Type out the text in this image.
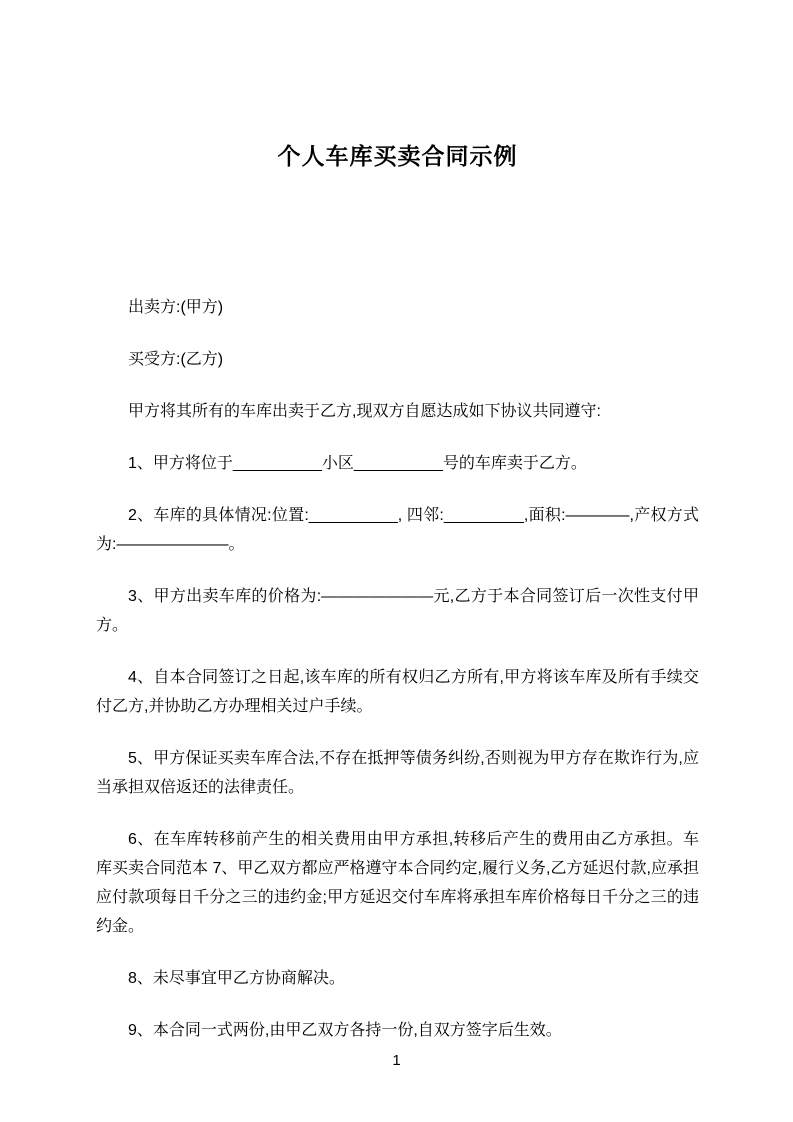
个人车库买卖合同示例

出卖方:(甲方)

买受方:(乙方)

甲方将其所有的车库出卖于乙方,现双方自愿达成如下协议共同遵守:

1、甲方将位于__________小区__________号的车库卖于乙方。

2、车库的具体情况:位置:__________, 四邻:_________,面积:————,产权方式为:———————。

3、甲方出卖车库的价格为:———————元,乙方于本合同签订后一次性支付甲方。

4、自本合同签订之日起,该车库的所有权归乙方所有,甲方将该车库及所有手续交付乙方,并协助乙方办理相关过户手续。

5、甲方保证买卖车库合法,不存在抵押等债务纠纷,否则视为甲方存在欺诈行为,应当承担双倍返还的法律责任。

6、在车库转移前产生的相关费用由甲方承担,转移后产生的费用由乙方承担。车库买卖合同范本 7、甲乙双方都应严格遵守本合同约定,履行义务,乙方延迟付款,应承担应付款项每日千分之三的违约金;甲方延迟交付车库将承担车库价格每日千分之三的违约金。

8、未尽事宜甲乙方协商解决。

9、本合同一式两份,由甲乙双方各持一份,自双方签字后生效。

1
